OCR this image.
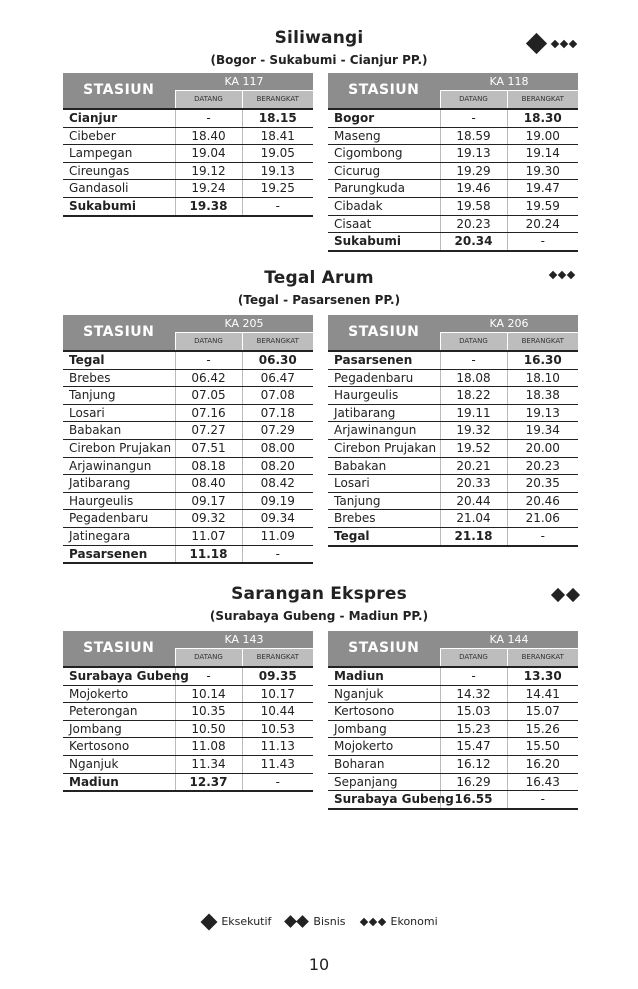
Siliwangi
(Bogor - Sukabumi - Cianjur PP.)
STASIUN	KA 117	
	DATANG	BERANGKAT
Cianjur	-	18.15
Cibeber	18.40	18.41
Lampegan	19.04	19.05
Cireungas	19.12	19.13
Gandasoli	19.24	19.25
Sukabumi	19.38	-
STASIUN	KA 118	
	DATANG	BERANGKAT
Bogor	-	18.30
Maseng	18.59	19.00
Cigombong	19.13	19.14
Cicurug	19.29	19.30
Parungkuda	19.46	19.47
Cibadak	19.58	19.59
Cisaat	20.23	20.24
Sukabumi	20.34	-
Tegal Arum
(Tegal - Pasarsenen PP.)
STASIUN	KA 205	
	DATANG	BERANGKAT
Tegal	-	06.30
Brebes	06.42	06.47
Tanjung	07.05	07.08
Losari	07.16	07.18
Babakan	07.27	07.29
Cirebon Prujakan	07.51	08.00
Arjawinangun	08.18	08.20
Jatibarang	08.40	08.42
Haurgeulis	09.17	09.19
Pegadenbaru	09.32	09.34
Jatinegara	11.07	11.09
Pasarsenen	11.18	-
STASIUN	KA 206	
	DATANG	BERANGKAT
Pasarsenen	-	16.30
Pegadenbaru	18.08	18.10
Haurgeulis	18.22	18.38
Jatibarang	19.11	19.13
Arjawinangun	19.32	19.34
Cirebon Prujakan	19.52	20.00
Babakan	20.21	20.23
Losari	20.33	20.35
Tanjung	20.44	20.46
Brebes	21.04	21.06
Tegal	21.18	-
Sarangan Ekspres
(Surabaya Gubeng - Madiun PP.)
STASIUN	KA 143	
	DATANG	BERANGKAT
Surabaya Gubeng	-	09.35
Mojokerto	10.14	10.17
Peterongan	10.35	10.44
Jombang	10.50	10.53
Kertosono	11.08	11.13
Nganjuk	11.34	11.43
Madiun	12.37	-
STASIUN	KA 144	
	DATANG	BERANGKAT
Madiun	-	13.30
Nganjuk	14.32	14.41
Kertosono	15.03	15.07
Jombang	15.23	15.26
Mojokerto	15.47	15.50
Boharan	16.12	16.20
Sepanjang	16.29	16.43
Surabaya Gubeng	16.55	-
Eksekutif	Bisnis	Ekonomi
10
